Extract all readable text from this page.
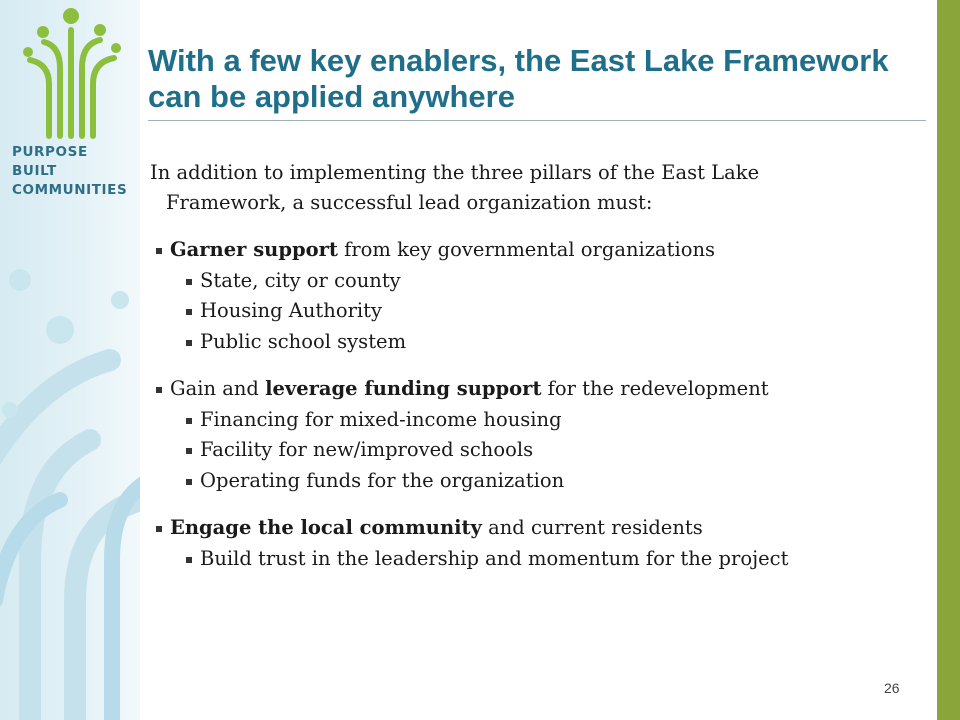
PURPOSE
BUILT
COMMUNITIES
With a few key enablers, the East Lake Framework can be applied anywhere

In addition to implementing the three pillars of the East Lake
Framework, a successful lead organization must:

Garner support from key governmental organizations
State, city or county
Housing Authority
Public school system
Gain and leverage funding support for the redevelopment
Financing for mixed-income housing
Facility for new/improved schools
Operating funds for the organization
Engage the local community and current residents
Build trust in the leadership and momentum for the project
26
